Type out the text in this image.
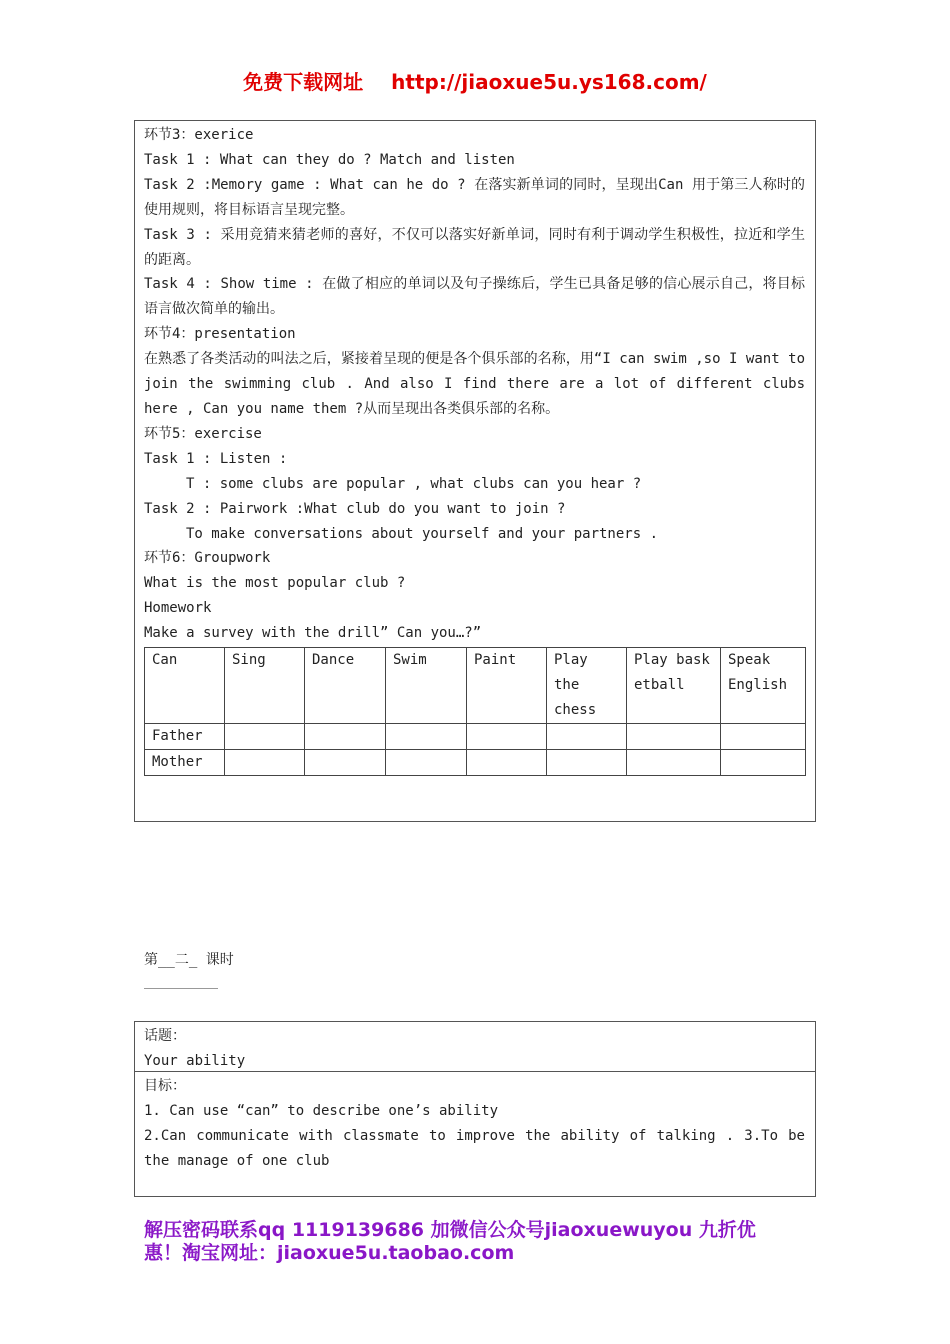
免费下载网址 http://jiaoxue5u.ys168.com/
环节3：exerice
Task 1 : What can they do ? Match and listen
Task 2 :Memory game : What can he do ? 在落实新单词的同时，呈现出Can 用于第三人称时的使用规则，将目标语言呈现完整。
Task 3 : 采用竞猜来猜老师的喜好，不仅可以落实好新单词，同时有利于调动学生积极性，拉近和学生的距离。
Task 4 : Show time : 在做了相应的单词以及句子操练后，学生已具备足够的信心展示自己，将目标语言做次简单的输出。
环节4：presentation
在熟悉了各类活动的叫法之后，紧接着呈现的便是各个俱乐部的名称，用“I can swim ,so I want to join the swimming club . And also I find there are a lot of different clubs here , Can you name them ?从而呈现出各类俱乐部的名称。
环节5：exercise
Task 1 : Listen :
T : some clubs are popular , what clubs can you hear ?
Task 2 : Pairwork :What club do you want to join ?
To make conversations about yourself and your partners .
环节6：Groupwork
What is the most popular club ?
Homework
Make a survey with the drill” Can you…?”
Can	Sing	Dance	Swim	Paint	Play the chess	Play basketball	Speak English
Father							
Mother							
第__二_ 课时
话题：
Your ability
目标：
1. Can use “can” to describe one’s ability
2.Can communicate with classmate to improve the ability of talking . 3.To be the manage of one club
解压密码联系qq 1119139686 加微信公众号jiaoxuewuyou 九折优惠！淘宝网址：jiaoxue5u.taobao.com
